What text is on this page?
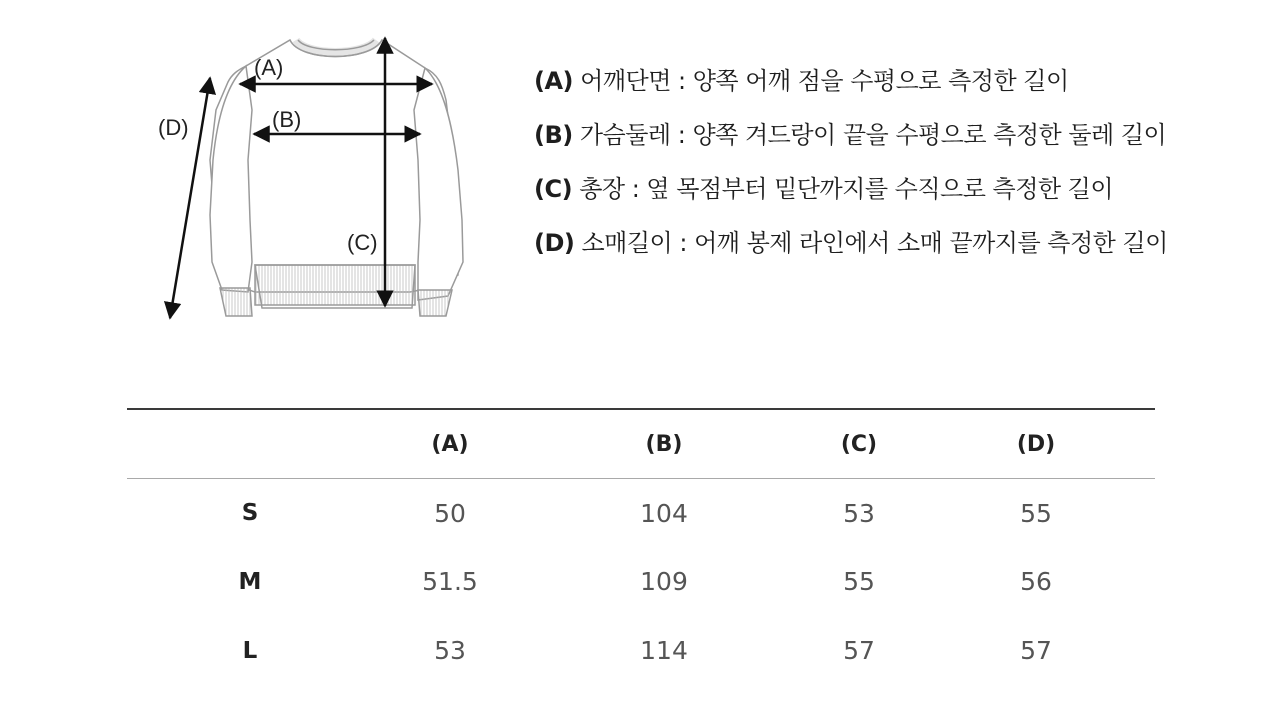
(A)
(B)
(C)
(D)
(A) 어깨단면 : 양쪽 어깨 점을 수평으로 측정한 길이
(B) 가슴둘레 : 양쪽 겨드랑이 끝을 수평으로 측정한 둘레 길이
(C) 총장 : 옆 목점부터 밑단까지를 수직으로 측정한 길이
(D) 소매길이 : 어깨 봉제 라인에서 소매 끝까지를 측정한 길이
	(A)	(B)	(C)	(D)
S	50	104	53	55
M	51.5	109	55	56
L	53	114	57	57
